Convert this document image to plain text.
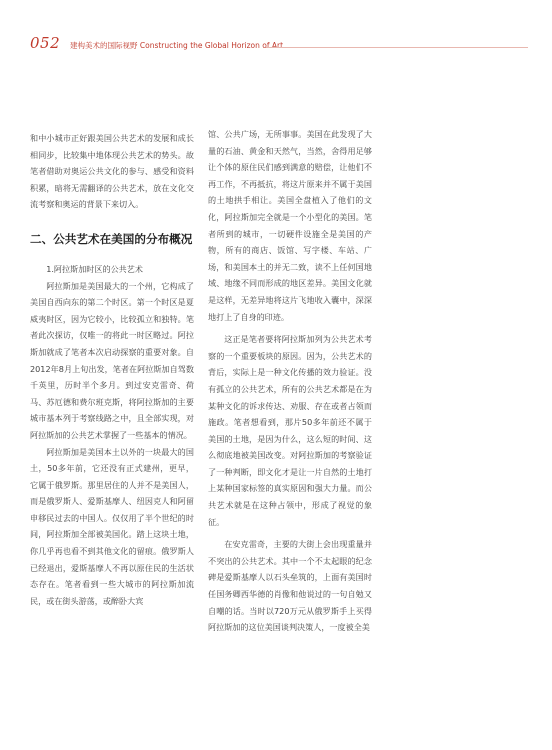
052 建构美术的国际视野 Constructing the Global Horizon of Art

和中小城市正好跟美国公共艺术的发展和成长相同步，比较集中地体现公共艺术的势头。故笔者借助对奥运公共文化的参与、感受和资料积累，暗将无需翻译的公共艺术，放在文化交流考察和奥运的背景下来切入。

二、公共艺术在美国的分布概况

1.阿拉斯加时区的公共艺术

阿拉斯加是美国最大的一个州，它构成了美国自西向东的第二个时区。第一个时区是夏威夷时区，因为它较小，比较孤立和独特。笔者此次探访，仅唯一的将此一时区略过。阿拉斯加就成了笔者本次启动探察的重要对象。自2012年8月上旬出发，笔者在阿拉斯加自驾数千英里，历时半个多月。到过安克雷奇、荷马、苏厄德和费尔班克斯，将阿拉斯加的主要城市基本列于考察线路之中，且全部实现，对阿拉斯加的公共艺术掌握了一些基本的情况。

阿拉斯加是美国本土以外的一块最大的国土，50多年前，它还没有正式建州，更早，它属于俄罗斯。那里居住的人并不是美国人，而是俄罗斯人、爱斯基摩人、纽因克人和阿留申移民过去的中国人。仅仅用了半个世纪的时间，阿拉斯加全部被美国化。踏上这块土地，你几乎再也看不到其他文化的留痕。俄罗斯人已经退出，爱斯基摩人不再以原住民的生活状态存在。笔者看到一些大城市的阿拉斯加流民，或在街头游荡，或醉卧大宾

馆、公共广场，无所事事。美国在此发现了大量的石油、黄金和天然气，当然，舍得用足够让个体的原住民们感到满意的赔偿，让他们不再工作，不再抵抗，将这片原来并不属于美国的土地拱手相让。美国全盘植入了他们的文化，阿拉斯加完全就是一个小型化的美国。笔者所到的城市，一切硬件设施全是美国的产物，所有的商店、饭馆、写字楼、车站、广场，和美国本土的并无二致，读不上任何国地域、地缘不同而形成的地区差异。美国文化就是这样，无差异地将这片飞地收入囊中，深深地打上了自身的印迹。

这正是笔者要将阿拉斯加列为公共艺术考察的一个重要板块的原因。因为，公共艺术的背后，实际上是一种文化传播的效力验证。没有孤立的公共艺术，所有的公共艺术都是在为某种文化的诉求传达、劝服、存在或者占领而施政。笔者想看到，那片50多年前还不属于美国的土地，是因为什么，这么短的时间、这么彻底地被美国改变。对阿拉斯加的考察验证了一种判断，即文化才是让一片自然的土地打上某种国家标签的真实原因和强大力量。而公共艺术就是在这种占领中，形成了视觉的象征。

在安克雷奇，主要的大街上会出现重量并不突出的公共艺术。其中一个不太起眼的纪念碑是爱斯基摩人以石头垒筑的，上面有美国时任国务卿西华德的肖像和他说过的一句自勉又自嘲的话。当时以720万元从俄罗斯手上买得阿拉斯加的这位美国谈判决策人，一度被全美
